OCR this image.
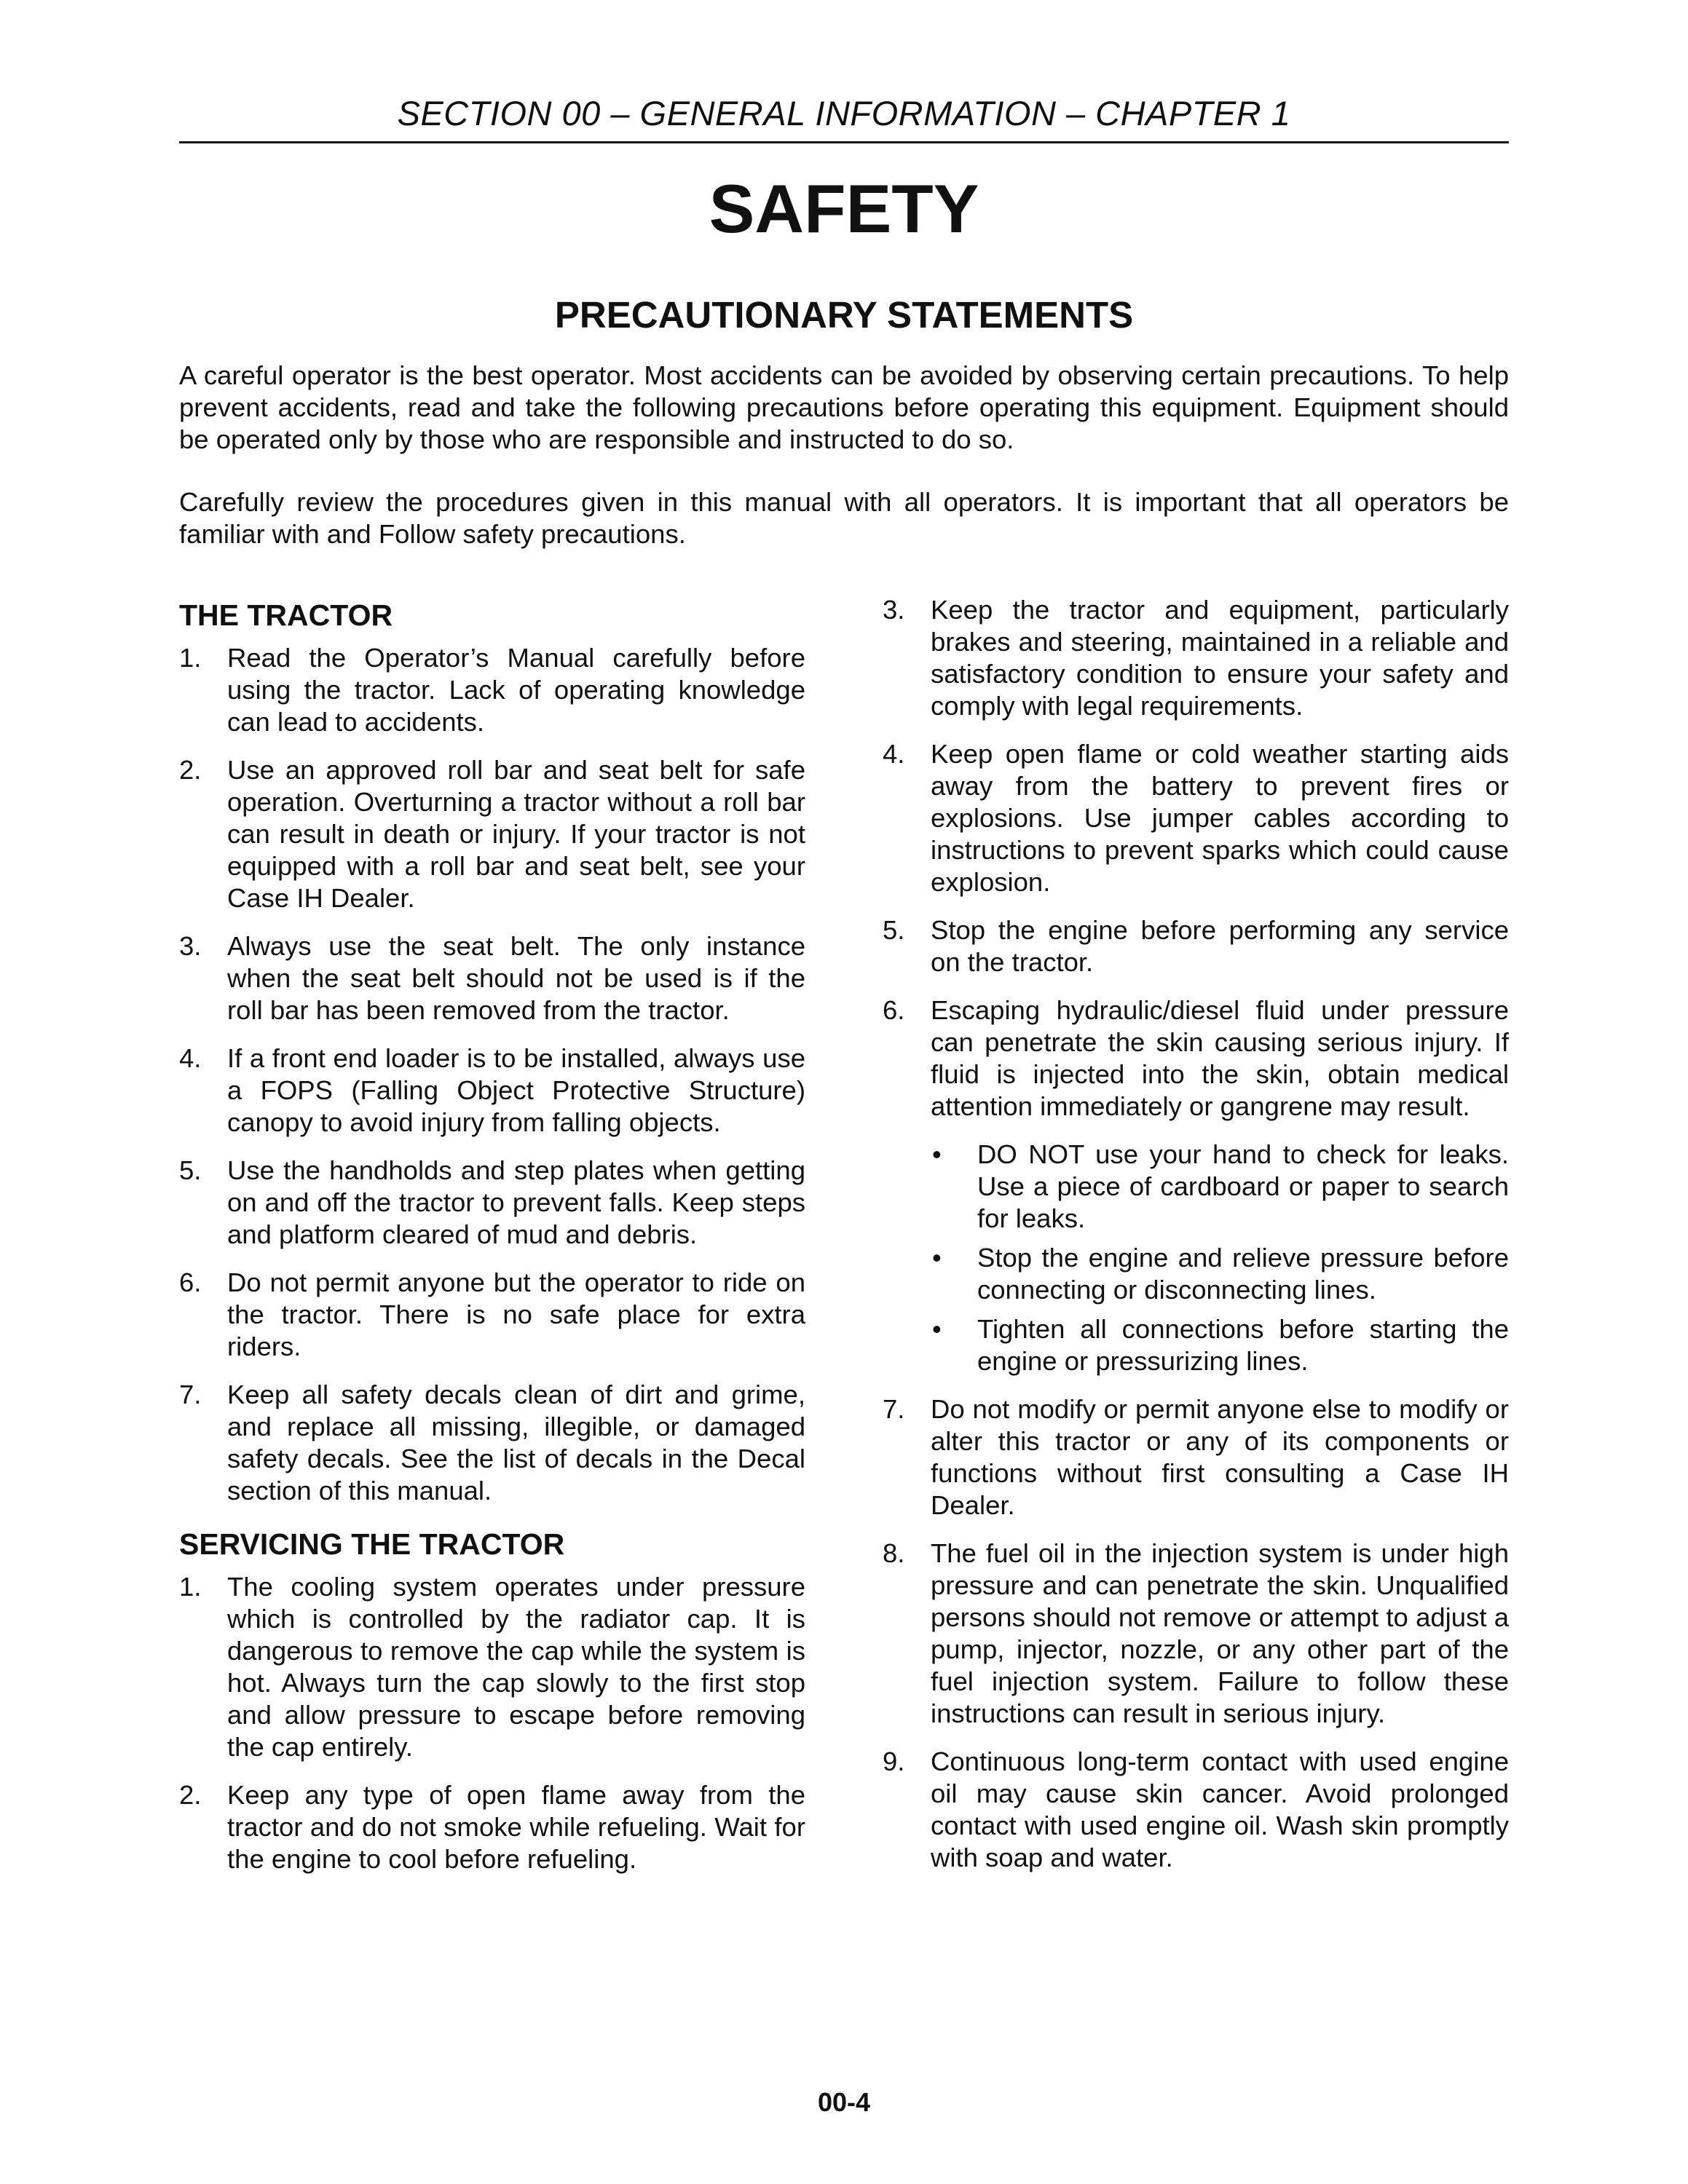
SECTION 00 – GENERAL INFORMATION – CHAPTER 1
SAFETY
PRECAUTIONARY STATEMENTS

A careful operator is the best operator. Most accidents can be avoided by observing certain precautions. To help prevent accidents, read and take the following precautions before operating this equipment. Equipment should be operated only by those who are responsible and instructed to do so.

Carefully review the procedures given in this manual with all operators. It is important that all operators be familiar with and Follow safety precautions.

THE TRACTOR
1. Read the Operator’s Manual carefully before using the tractor. Lack of operating knowledge can lead to accidents.
2. Use an approved roll bar and seat belt for safe operation. Overturning a tractor without a roll bar can result in death or injury. If your tractor is not equipped with a roll bar and seat belt, see your Case IH Dealer.
3. Always use the seat belt. The only instance when the seat belt should not be used is if the roll bar has been removed from the tractor.
4. If a front end loader is to be installed, always use a FOPS (Falling Object Protective Structure) canopy to avoid injury from falling objects.
5. Use the handholds and step plates when getting on and off the tractor to prevent falls. Keep steps and platform cleared of mud and debris.
6. Do not permit anyone but the operator to ride on the tractor. There is no safe place for extra riders.
7. Keep all safety decals clean of dirt and grime, and replace all missing, illegible, or damaged safety decals. See the list of decals in the Decal section of this manual.
SERVICING THE TRACTOR
1. The cooling system operates under pressure which is controlled by the radiator cap. It is dangerous to remove the cap while the system is hot. Always turn the cap slowly to the first stop and allow pressure to escape before removing the cap entirely.
2. Keep any type of open flame away from the tractor and do not smoke while refueling. Wait for the engine to cool before refueling.
3. Keep the tractor and equipment, particularly brakes and steering, maintained in a reliable and satisfactory condition to ensure your safety and comply with legal requirements.
4. Keep open flame or cold weather starting aids away from the battery to prevent fires or explosions. Use jumper cables according to instructions to prevent sparks which could cause explosion.
5. Stop the engine before performing any service on the tractor.
6. Escaping hydraulic/diesel fluid under pressure can penetrate the skin causing serious injury. If fluid is injected into the skin, obtain medical attention immediately or gangrene may result.
• DO NOT use your hand to check for leaks. Use a piece of cardboard or paper to search for leaks.
• Stop the engine and relieve pressure before connecting or disconnecting lines.
• Tighten all connections before starting the engine or pressurizing lines.
7. Do not modify or permit anyone else to modify or alter this tractor or any of its components or functions without first consulting a Case IH Dealer.
8. The fuel oil in the injection system is under high pressure and can penetrate the skin. Unqualified persons should not remove or attempt to adjust a pump, injector, nozzle, or any other part of the fuel injection system. Failure to follow these instructions can result in serious injury.
9. Continuous long-term contact with used engine oil may cause skin cancer. Avoid prolonged contact with used engine oil. Wash skin promptly with soap and water.
00-4
